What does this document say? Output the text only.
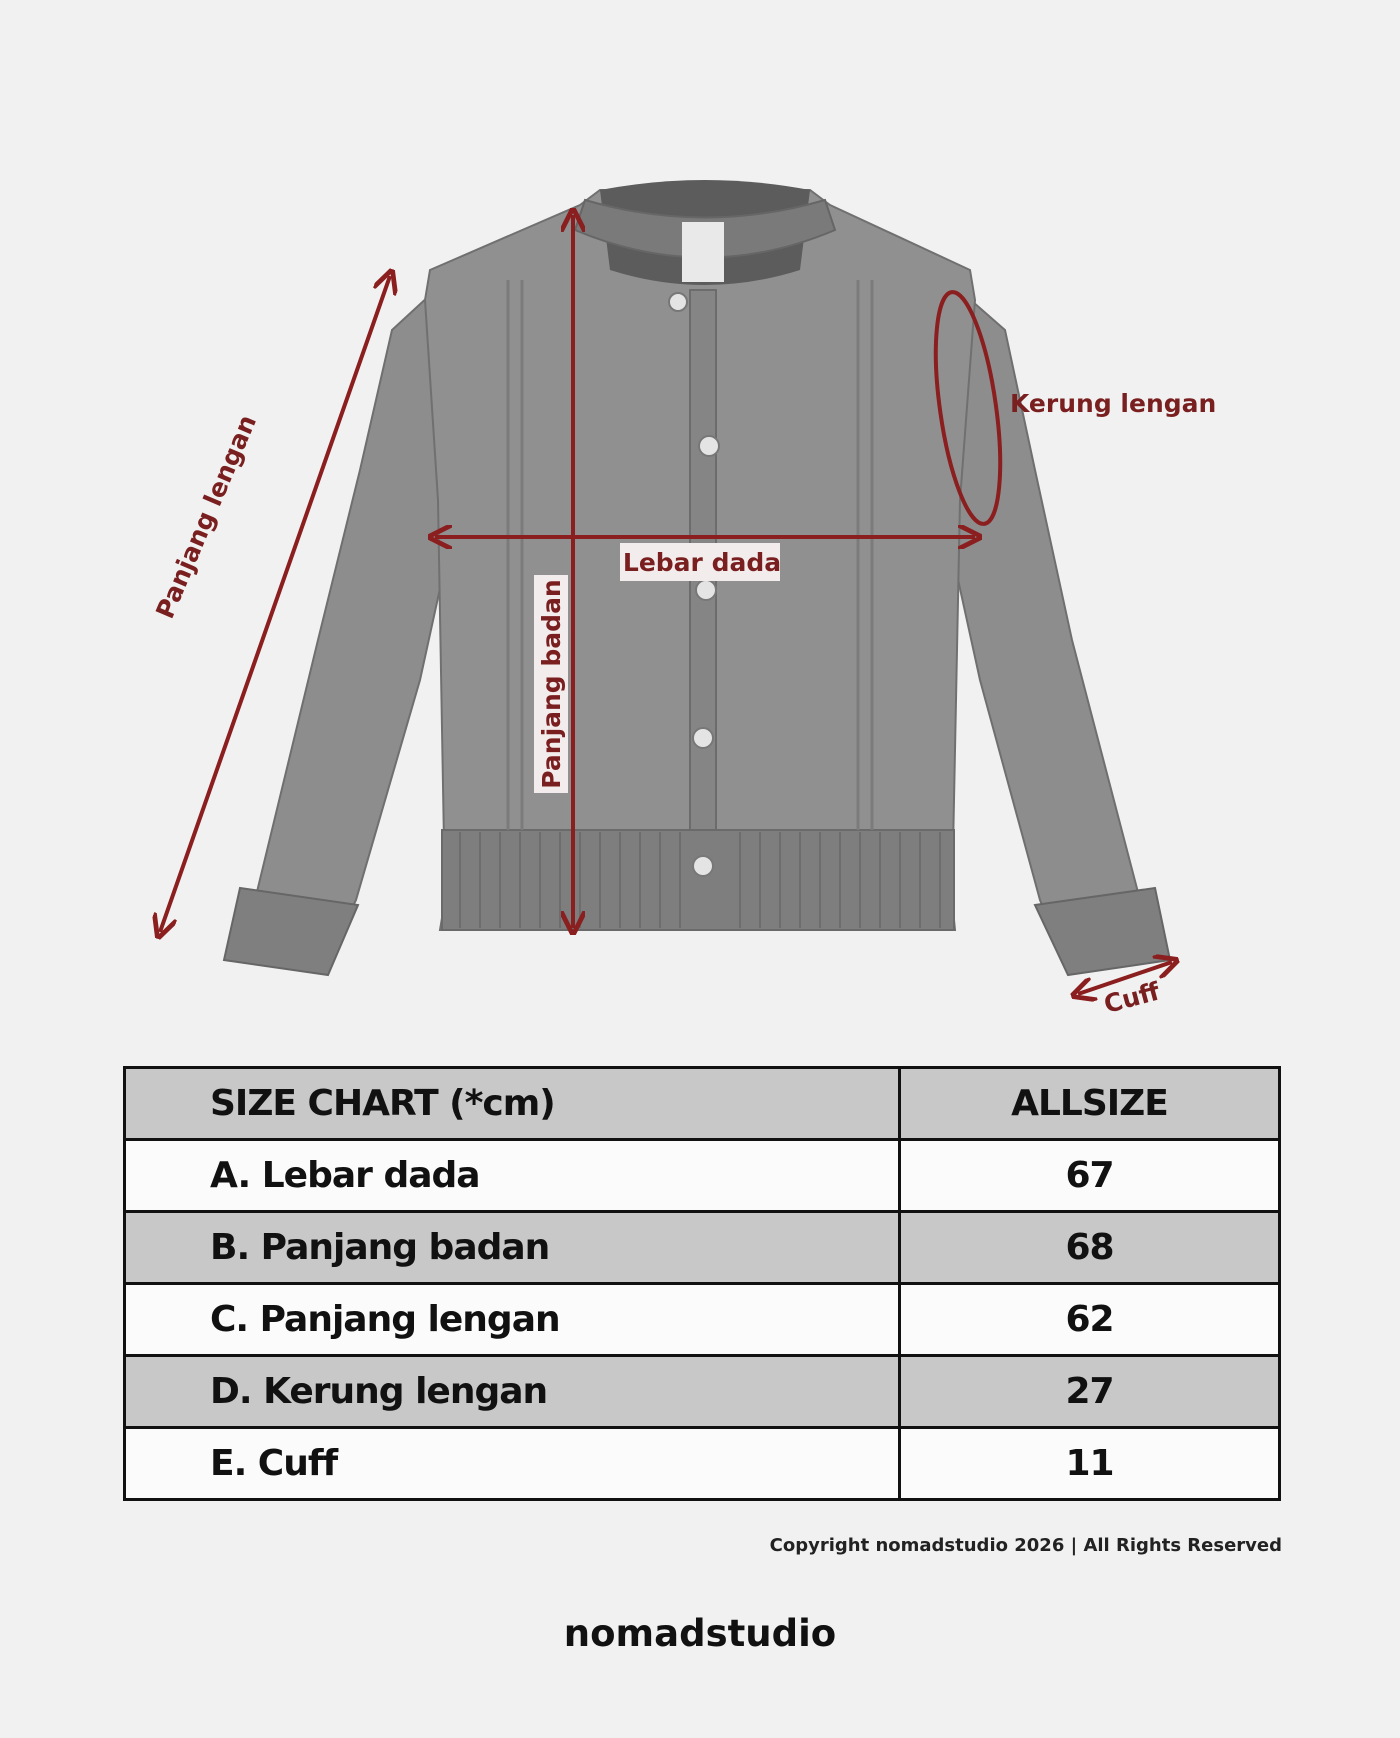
Panjang lengan
Panjang badan
Lebar dada
Kerung lengan
Cuff
SIZE CHART (*cm)	ALLSIZE
A. Lebar dada	67
B. Panjang badan	68
C. Panjang lengan	62
D. Kerung lengan	27
E. Cuff	11
Copyright nomadstudio 2026 | All Rights Reserved
nomadstudio
